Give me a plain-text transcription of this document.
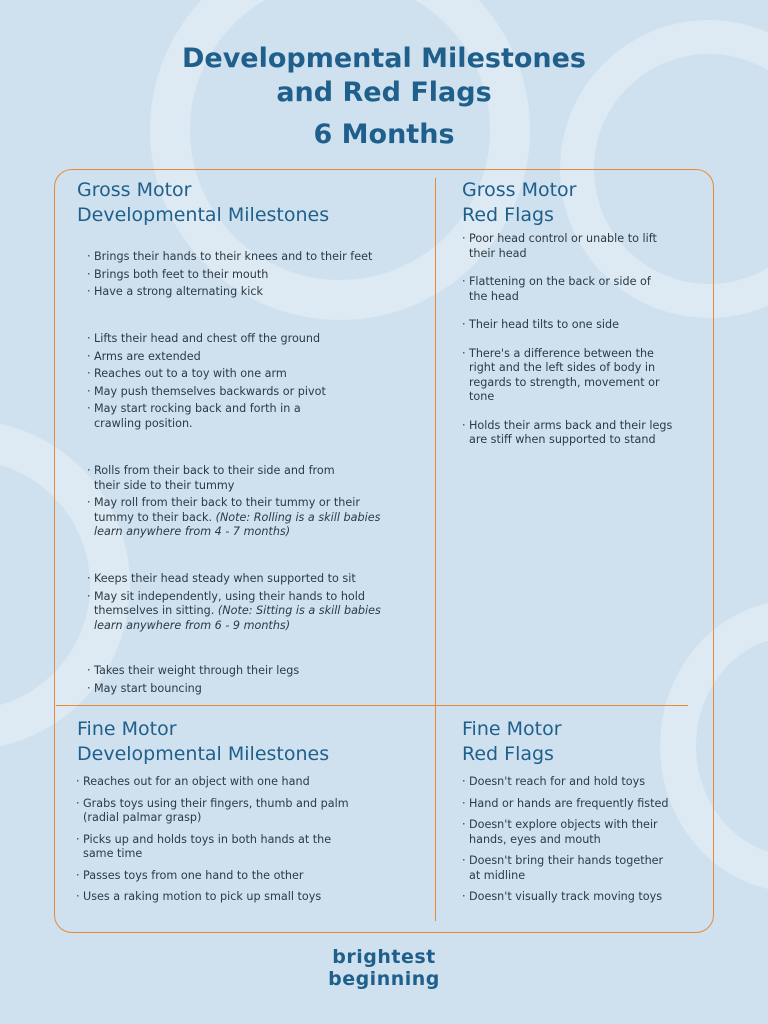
Developmental Milestones
and Red Flags
6 Months
Gross Motor
Developmental Milestones
· Brings their hands to their knees and to their feet
· Brings both feet to their mouth
· Have a strong alternating kick
· Lifts their head and chest off the ground
· Arms are extended
· Reaches out to a toy with one arm
· May push themselves backwards or pivot
· May start rocking back and forth in a crawling position.
· Rolls from their back to their side and from their side to their tummy
· May roll from their back to their tummy or their tummy to their back. (Note: Rolling is a skill babies learn anywhere from 4 - 7 months)
· Keeps their head steady when supported to sit
· May sit independently, using their hands to hold themselves in sitting. (Note: Sitting is a skill babies learn anywhere from 6 - 9 months)
· Takes their weight through their legs
· May start bouncing
Gross Motor
Red Flags
· Poor head control or unable to lift their head
· Flattening on the back or side of the head
· Their head tilts to one side
· There's a difference between the right and the left sides of body in regards to strength, movement or tone
· Holds their arms back and their legs are stiff when supported to stand
Fine Motor
Developmental Milestones
· Reaches out for an object with one hand
· Grabs toys using their fingers, thumb and palm (radial palmar grasp)
· Picks up and holds toys in both hands at the same time
· Passes toys from one hand to the other
· Uses a raking motion to pick up small toys
Fine Motor
Red Flags
· Doesn't reach for and hold toys
· Hand or hands are frequently fisted
· Doesn't explore objects with their hands, eyes and mouth
· Doesn't bring their hands together at midline
· Doesn't visually track moving toys
brightest
beginning
